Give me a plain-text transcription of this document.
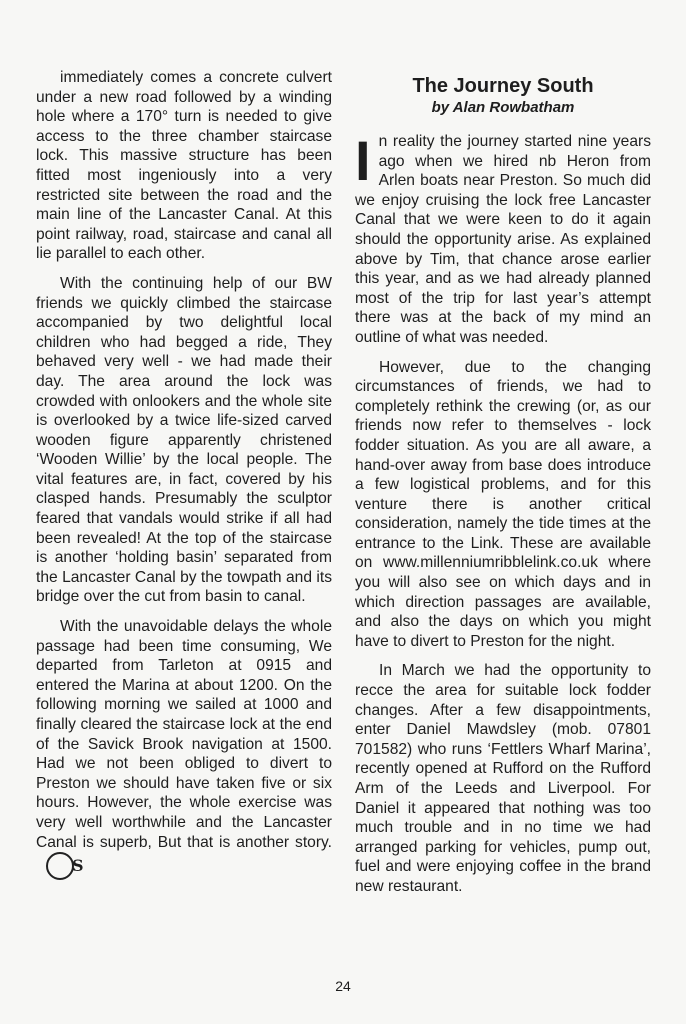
immediately comes a concrete culvert under a new road followed by a winding hole where a 170° turn is needed to give access to the three chamber staircase lock. This massive structure has been fitted most ingeniously into a very restricted site between the road and the main line of the Lancaster Canal. At this point railway, road, staircase and canal all lie parallel to each other.

With the continuing help of our BW friends we quickly climbed the staircase accompanied by two delightful local children who had begged a ride, They behaved very well - we had made their day. The area around the lock was crowded with onlookers and the whole site is overlooked by a twice life-sized carved wooden figure apparently christened ‘Wooden Willie’ by the local people. The vital features are, in fact, covered by his clasped hands. Presumably the sculptor feared that vandals would strike if all had been revealed! At the top of the staircase is another ‘holding basin’ separated from the Lancaster Canal by the towpath and its bridge over the cut from basin to canal.

With the unavoidable delays the whole passage had been time consuming, We departed from Tarleton at 0915 and entered the Marina at about 1200. On the following morning we sailed at 1000 and finally cleared the staircase lock at the end of the Savick Brook navigation at 1500. Had we not been obliged to divert to Preston we should have taken five or six hours. However, the whole exercise was very well worthwhile and the Lancaster Canal is superb, But that is another story.S

The Journey South
by Alan Rowbatham

In reality the journey started nine years ago when we hired nb Heron from Arlen boats near Preston. So much did we enjoy cruising the lock free Lancaster Canal that we were keen to do it again should the opportunity arise. As explained above by Tim, that chance arose earlier this year, and as we had already planned most of the trip for last year’s attempt there was at the back of my mind an outline of what was needed.

However, due to the changing circumstances of friends, we had to completely rethink the crewing (or, as our friends now refer to themselves - lock fodder situation. As you are all aware, a hand-over away from base does introduce a few logistical problems, and for this venture there is another critical consideration, namely the tide times at the entrance to the Link. These are available on www.millenniumribblelink.co.uk where you will also see on which days and in which direction passages are available, and also the days on which you might have to divert to Preston for the night.

In March we had the opportunity to recce the area for suitable lock fodder changes. After a few disappointments, enter Daniel Mawdsley (mob. 07801 701582) who runs ‘Fettlers Wharf Marina’, recently opened at Rufford on the Rufford Arm of the Leeds and Liverpool. For Daniel it appeared that nothing was too much trouble and in no time we had arranged parking for vehicles, pump out, fuel and were enjoying coffee in the brand new restaurant.

24
